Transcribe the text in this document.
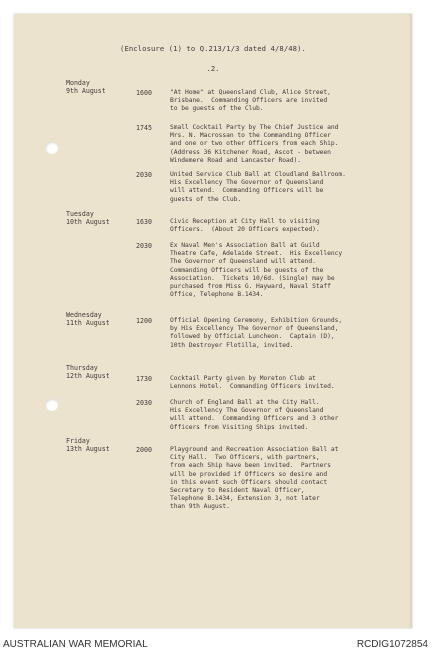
(Enclosure (1) to Q.213/1/3 dated 4/8/48).
.2.
Monday
9th August	1600	"At Home" at Queensland Club, Alice Street,
Brisbane.  Commanding Officers are invited
to be guests of the Club.
1745	Small Cocktail Party by The Chief Justice and
Mrs. N. Macrossan to the Commanding Officer
and one or two other Officers from each Ship.
(Address 36 Kitchener Road, Ascot - between
Windemere Road and Lancaster Road).
2030	United Service Club Ball at Cloudland Ballroom.
His Excellency The Governor of Queensland
will attend.  Commanding Officers will be
guests of the Club.
Tuesday
10th August	1630	Civic Reception at City Hall to visiting
Officers.  (About 20 Officers expected).
2030	Ex Naval Men's Association Ball at Guild
Theatre Cafe, Adelaide Street.  His Excellency
The Governor of Queensland will attend.
Commanding Officers will be guests of the
Association.  Tickets 10/6d. (Single) may be
purchased from Miss G. Hayward, Naval Staff
Office, Telephone B.1434.
Wednesday
11th August	1200	Official Opening Ceremony, Exhibition Grounds,
by His Excellency The Governor of Queensland,
followed by Official Luncheon.  Captain (D),
10th Destroyer Flotilla, invited.
Thursday
12th August	1730	Cocktail Party given by Moreton Club at
Lennons Hotel.  Commanding Officers invited.
2030	Church of England Ball at the City Hall.
His Excellency The Governor of Queensland
will attend.  Commanding Officers and 3 other
Officers from Visiting Ships invited.
Friday
13th August	2000	Playground and Recreation Association Ball at
City Hall.  Two Officers, with partners,
from each Ship have been invited.  Partners
will be provided if Officers so desire and
in this event such Officers should contact
Secretary to Resident Naval Officer,
Telephone B.1434, Extension 3, not later
than 9th August.
AUSTRALIAN WAR MEMORIAL	RCDIG1072854
